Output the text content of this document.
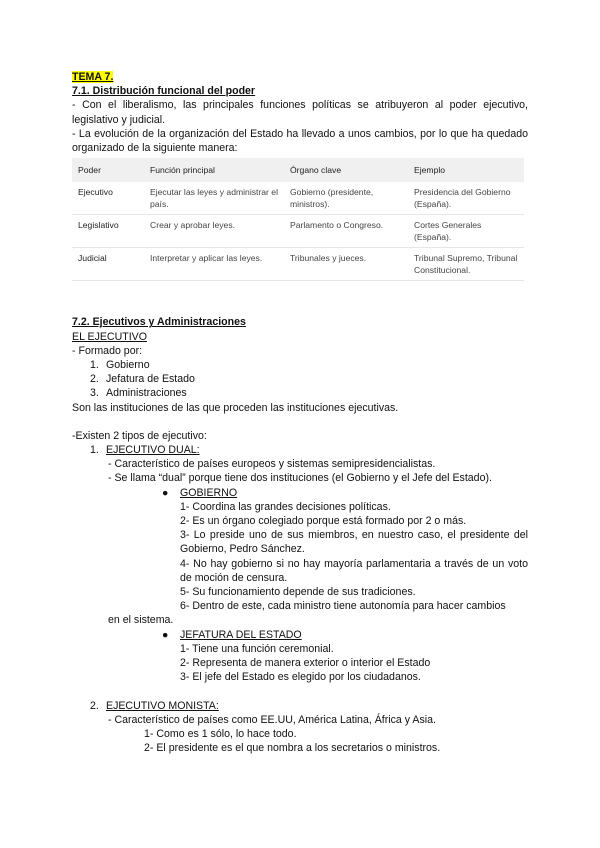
TEMA 7.

7.1. Distribución funcional del poder

- Con el liberalismo, las principales funciones políticas se atribuyeron al poder ejecutivo, legislativo y judicial.

- La evolución de la organización del Estado ha llevado a unos cambios, por lo que ha quedado organizado de la siguiente manera:

Poder	Función principal	Órgano clave	Ejemplo
Ejecutivo	Ejecutar las leyes y administrar el país.	Gobierno (presidente, ministros).	Presidencia del Gobierno (España).
Legislativo	Crear y aprobar leyes.	Parlamento o Congreso.	Cortes Generales (España).
Judicial	Interpretar y aplicar las leyes.	Tribunales y jueces.	Tribunal Supremo, Tribunal Constitucional.

7.2. Ejecutivos y Administraciones

EL EJECUTIVO

- Formado por:

1. Gobierno

2. Jefatura de Estado

3. Administraciones

Son las instituciones de las que proceden las instituciones ejecutivas.

-Existen 2 tipos de ejecutivo:

1. EJECUTIVO DUAL:

- Característico de países europeos y sistemas semipresidencialistas.

- Se llama “dual” porque tiene dos instituciones (el Gobierno y el Jefe del Estado).

● GOBIERNO

1- Coordina las grandes decisiones políticas.

2- Es un órgano colegiado porque está formado por 2 o más.

3- Lo preside uno de sus miembros, en nuestro caso, el presidente del Gobierno, Pedro Sánchez.

4- No hay gobierno si no hay mayoría parlamentaria a través de un voto de moción de censura.

5- Su funcionamiento depende de sus tradiciones.

6- Dentro de este, cada ministro tiene autonomía para hacer cambios

en el sistema.

● JEFATURA DEL ESTADO

1- Tiene una función ceremonial.

2- Representa de manera exterior o interior el Estado

3- El jefe del Estado es elegido por los ciudadanos.

2. EJECUTIVO MONISTA:

- Característico de países como EE.UU, América Latina, África y Asia.

1- Como es 1 sólo, lo hace todo.

2- El presidente es el que nombra a los secretarios o ministros.
